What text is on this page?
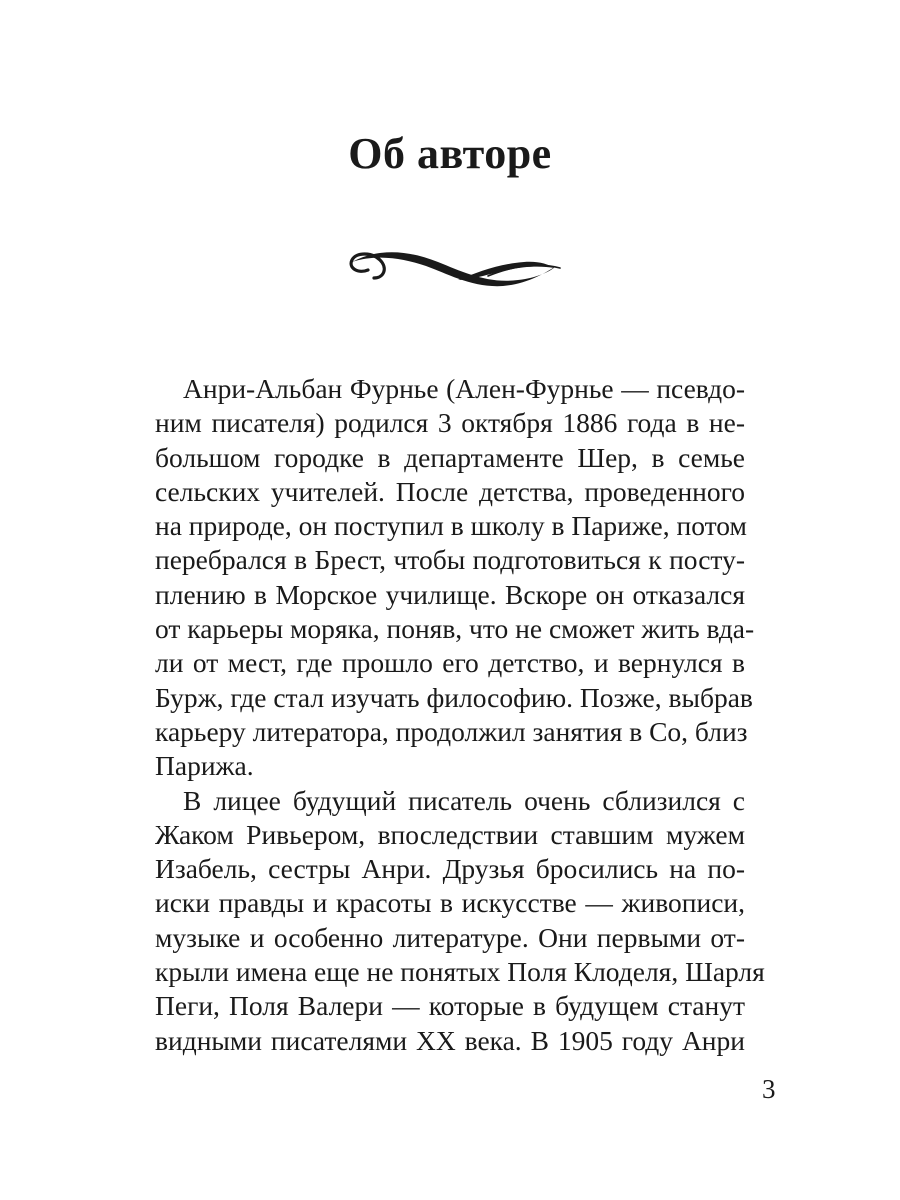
Об авторе
Анри-Альбан Фурнье (Ален-Фурнье — псевдо-
ним писателя) родился 3 октября 1886 года в не-
большом городке в департаменте Шер, в семье
сельских учителей. После детства, проведенного
на природе, он поступил в школу в Париже, потом
перебрался в Брест, чтобы подготовиться к посту-
плению в Морское училище. Вскоре он отказался
от карьеры моряка, поняв, что не сможет жить вда-
ли от мест, где прошло его детство, и вернулся в
Бурж, где стал изучать философию. Позже, выбрав
карьеру литератора, продолжил занятия в Со, близ
Парижа.
В лицее будущий писатель очень сблизился с
Жаком Ривьером, впоследствии ставшим мужем
Изабель, сестры Анри. Друзья бросились на по-
иски правды и красоты в искусстве — живописи,
музыке и особенно литературе. Они первыми от-
крыли имена еще не понятых Поля Клоделя, Шарля
Пеги, Поля Валери — которые в будущем станут
видными писателями XX века. В 1905 году Анри
3
